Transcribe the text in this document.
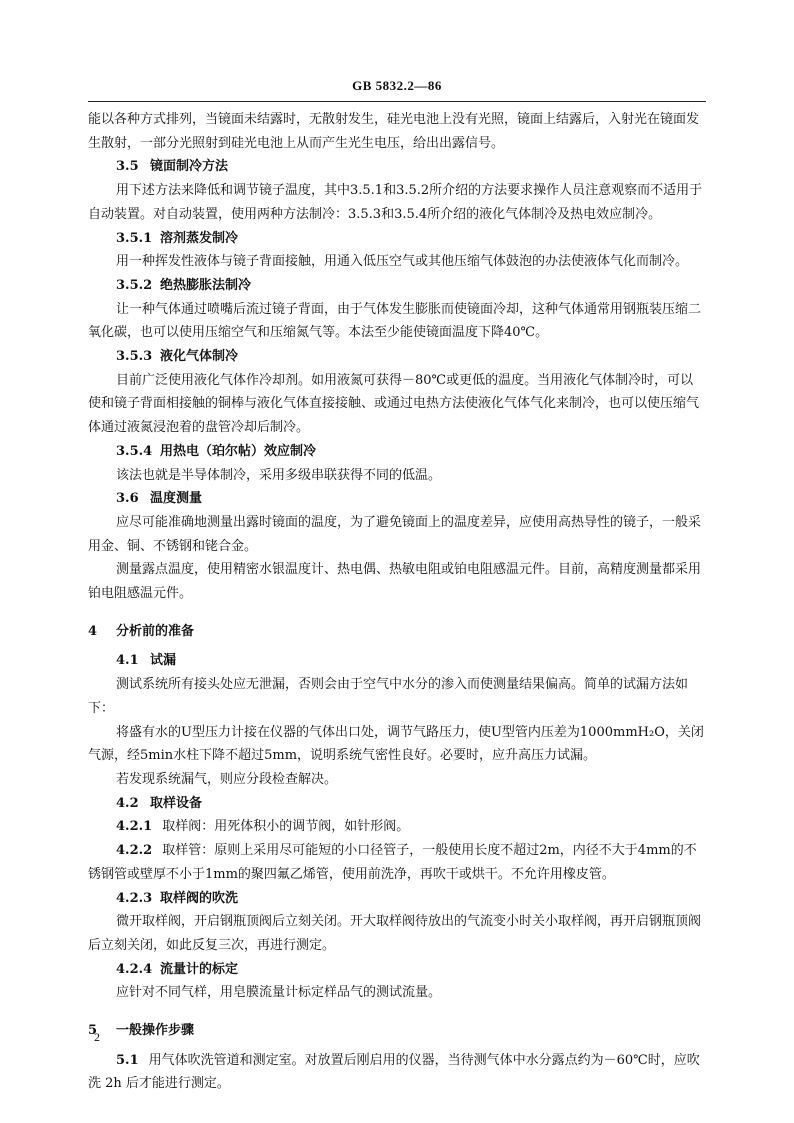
GB 5832.2—86

能以各种方式排列，当镜面未结露时，无散射发生，硅光电池上没有光照，镜面上结露后，入射光在镜面发生散射，一部分光照射到硅光电池上从而产生光生电压，给出出露信号。

3.5 镜面制冷方法

用下述方法来降低和调节镜子温度，其中3.5.1和3.5.2所介绍的方法要求操作人员注意观察而不适用于自动装置。对自动装置，使用两种方法制冷：3.5.3和3.5.4所介绍的液化气体制冷及热电效应制冷。

3.5.1 溶剂蒸发制冷

用一种挥发性液体与镜子背面接触，用通入低压空气或其他压缩气体鼓泡的办法使液体气化而制冷。

3.5.2 绝热膨胀法制冷

让一种气体通过喷嘴后流过镜子背面，由于气体发生膨胀而使镜面冷却，这种气体通常用钢瓶装压缩二氧化碳，也可以使用压缩空气和压缩氮气等。本法至少能使镜面温度下降40℃。

3.5.3 液化气体制冷

目前广泛使用液化气体作冷却剂。如用液氮可获得－80℃或更低的温度。当用液化气体制冷时，可以使和镜子背面相接触的铜棒与液化气体直接接触、或通过电热方法使液化气体气化来制冷，也可以使压缩气体通过液氮浸泡着的盘管冷却后制冷。

3.5.4 用热电（珀尔帖）效应制冷

该法也就是半导体制冷，采用多级串联获得不同的低温。

3.6 温度测量

应尽可能准确地测量出露时镜面的温度，为了避免镜面上的温度差异，应使用高热导性的镜子，一般采用金、铜、不锈钢和铑合金。

测量露点温度，使用精密水银温度计、热电偶、热敏电阻或铂电阻感温元件。目前，高精度测量都采用铂电阻感温元件。

4 分析前的准备

4.1 试漏

测试系统所有接头处应无泄漏，否则会由于空气中水分的渗入而使测量结果偏高。简单的试漏方法如下：

将盛有水的U型压力计接在仪器的气体出口处，调节气路压力，使U型管内压差为1000mmH₂O，关闭气源，经5min水柱下降不超过5mm，说明系统气密性良好。必要时，应升高压力试漏。

若发现系统漏气，则应分段检查解决。

4.2 取样设备

4.2.1 取样阀：用死体积小的调节阀，如针形阀。

4.2.2 取样管：原则上采用尽可能短的小口径管子，一般使用长度不超过2m，内径不大于4mm的不锈钢管或壁厚不小于1mm的聚四氟乙烯管，使用前洗净，再吹干或烘干。不允许用橡皮管。

4.2.3 取样阀的吹洗

微开取样阀，开启钢瓶顶阀后立刻关闭。开大取样阀待放出的气流变小时关小取样阀，再开启钢瓶顶阀后立刻关闭，如此反复三次，再进行测定。

4.2.4 流量计的标定

应针对不同气样，用皂膜流量计标定样品气的测试流量。

5 一般操作步骤

5.1 用气体吹洗管道和测定室。对放置后刚启用的仪器，当待测气体中水分露点约为－60℃时，应吹洗 2h 后才能进行测定。

2
